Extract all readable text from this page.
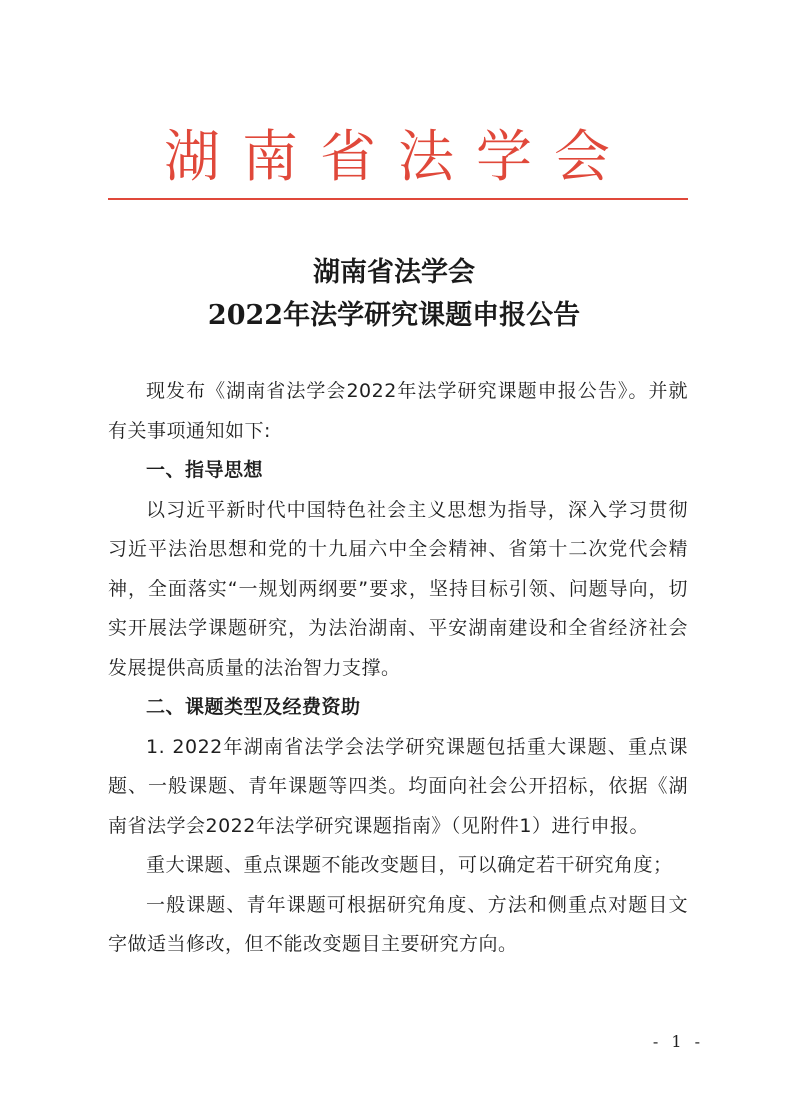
湖南省法学会
湖南省法学会
2022年法学研究课题申报公告

现发布《湖南省法学会2022年法学研究课题申报公告》。并就有关事项通知如下:

一、指导思想

以习近平新时代中国特色社会主义思想为指导，深入学习贯彻习近平法治思想和党的十九届六中全会精神、省第十二次党代会精神，全面落实“一规划两纲要”要求，坚持目标引领、问题导向，切实开展法学课题研究，为法治湖南、平安湖南建设和全省经济社会发展提供高质量的法治智力支撑。

二、课题类型及经费资助

1. 2022年湖南省法学会法学研究课题包括重大课题、重点课题、一般课题、青年课题等四类。均面向社会公开招标，依据《湖南省法学会2022年法学研究课题指南》（见附件1）进行申报。

重大课题、重点课题不能改变题目，可以确定若干研究角度；

一般课题、青年课题可根据研究角度、方法和侧重点对题目文字做适当修改，但不能改变题目主要研究方向。

- 1 -
